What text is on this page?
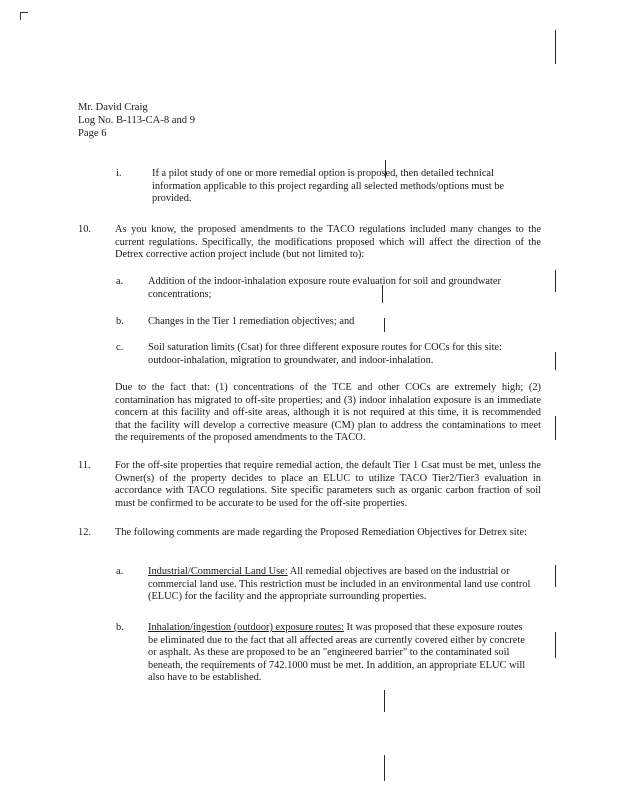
Mr. David Craig
Log No. B-113-CA-8 and 9
Page 6
i.	If a pilot study of one or more remedial option is proposed, then detailed technical information applicable to this project regarding all selected methods/options must be provided.
10. As you know, the proposed amendments to the TACO regulations included many changes to the current regulations. Specifically, the modifications proposed which will affect the direction of the Detrex corrective action project include (but not limited to):
a. Addition of the indoor-inhalation exposure route evaluation for soil and groundwater concentrations;
b. Changes in the Tier 1 remediation objectives; and
c. Soil saturation limits (Csat) for three different exposure routes for COCs for this site: outdoor-inhalation, migration to groundwater, and indoor-inhalation.
Due to the fact that: (1) concentrations of the TCE and other COCs are extremely high; (2) contamination has migrated to off-site properties; and (3) indoor inhalation exposure is an immediate concern at this facility and off-site areas, although it is not required at this time, it is recommended that the facility will develop a corrective measure (CM) plan to address the contaminations to meet the requirements of the proposed amendments to the TACO.
11. For the off-site properties that require remedial action, the default Tier 1 Csat must be met, unless the Owner(s) of the property decides to place an ELUC to utilize TACO Tier2/Tier3 evaluation in accordance with TACO regulations. Site specific parameters such as organic carbon fraction of soil must be confirmed to be accurate to be used for the off-site properties.
12. The following comments are made regarding the Proposed Remediation Objectives for Detrex site:
a. Industrial/Commercial Land Use: All remedial objectives are based on the industrial or commercial land use. This restriction must be included in an environmental land use control (ELUC) for the facility and the appropriate surrounding properties.
b. Inhalation/ingestion (outdoor) exposure routes: It was proposed that these exposure routes be eliminated due to the fact that all affected areas are currently covered either by concrete or asphalt. As these are proposed to be an "engineered barrier" to the contaminated soil beneath, the requirements of 742.1000 must be met. In addition, an appropriate ELUC will also have to be established.
